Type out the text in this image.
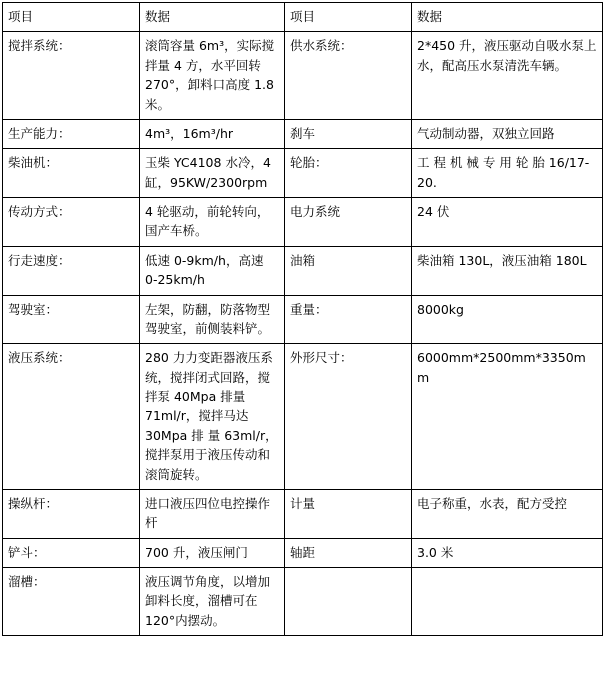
项目	数据	项目	数据

搅拌系统：	滚筒容量 6m³，实际搅拌量 4 方，水平回转 270°，卸料口高度 1.8 米。	供水系统：	2*450 升，液压驱动自吸水泵上水，配高压水泵清洗车辆。

生产能力：	4m³，16m³/hr	刹车	气动制动器，双独立回路

柴油机：	玉柴 YC4108 水冷，4 缸，95KW/2300rpm	轮胎：	工 程 机 械 专 用 轮 胎 16/17-20.

传动方式：	4 轮驱动，前轮转向，国产车桥。	电力系统	24 伏

行走速度：	低速 0-9km/h，高速 0-25km/h	油箱	柴油箱 130L，液压油箱 180L

驾驶室：	左架，防翻，防落物型驾驶室，前侧装料铲。	重量：	8000kg

液压系统：	280 力力变距器液压系统，搅拌闭式回路，搅拌泵 40Mpa 排量 71ml/r，搅拌马达 30Mpa 排 量 63ml/r，搅拌泵用于液压传动和滚筒旋转。	外形尺寸：	6000mm*2500mm*3350mm

操纵杆：	进口液压四位电控操作杆	计量	电子称重，水表，配方受控

铲斗：	700 升，液压闸门	轴距	3.0 米

溜槽：	液压调节角度，以增加卸料长度，溜槽可在 120°内摆动。		
